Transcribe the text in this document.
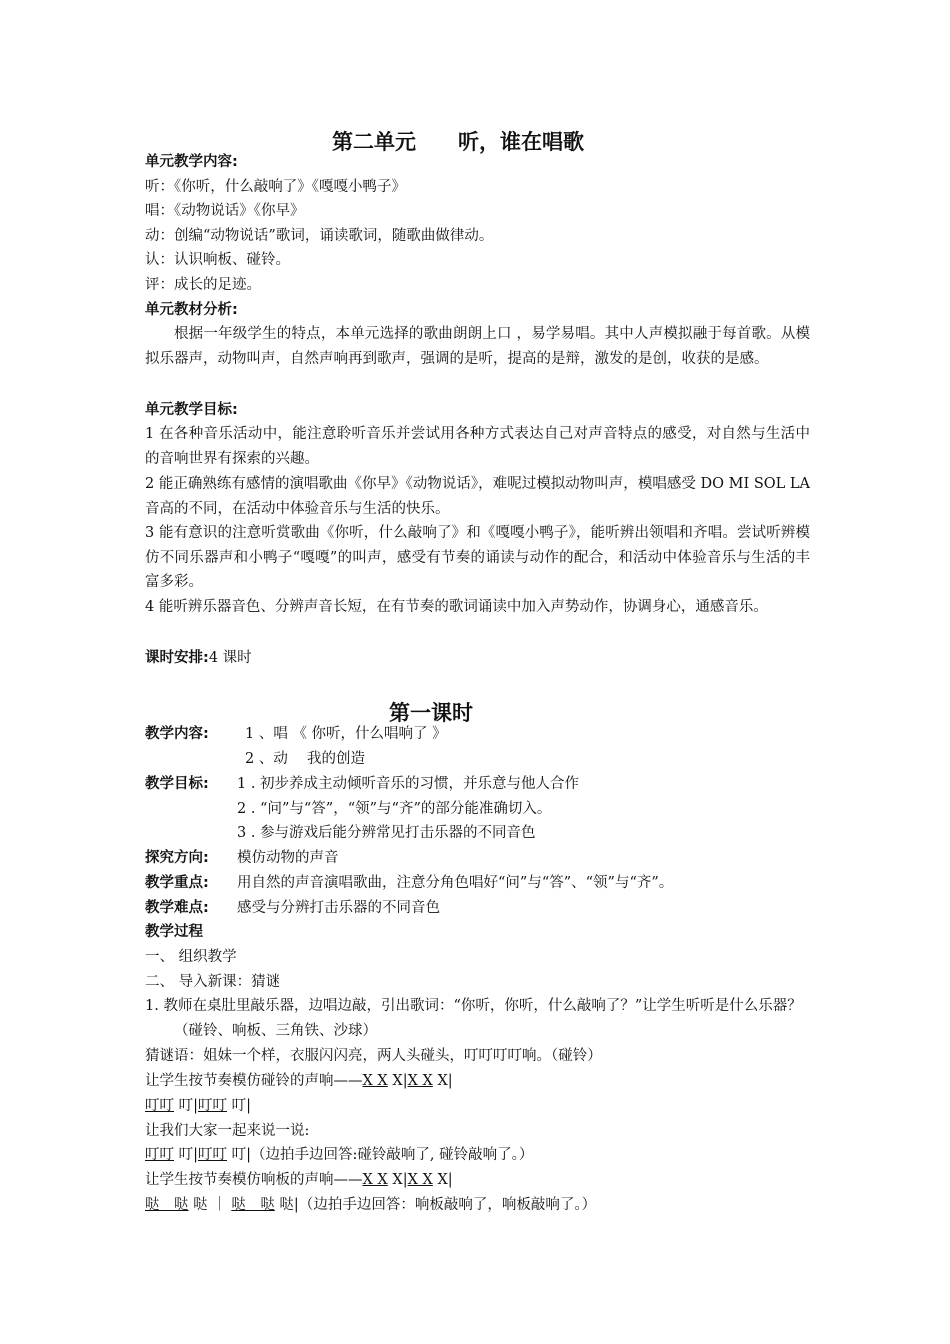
第二单元　　听，谁在唱歌
单元教学内容:
听：《你听，什么敲响了》《嘎嘎小鸭子》
唱：《动物说话》《你早》
动：创编“动物说话”歌词，诵读歌词，随歌曲做律动。
认：认识响板、碰铃。
评：成长的足迹。
单元教材分析:
根据一年级学生的特点，本单元选择的歌曲朗朗上口 ，易学易唱。其中人声模拟融于每首歌。从模拟乐器声，动物叫声，自然声响再到歌声，强调的是听，提高的是辩，激发的是创，收获的是感。
单元教学目标:
1 在各种音乐活动中，能注意聆听音乐并尝试用各种方式表达自己对声音特点的感受，对自然与生活中的音响世界有探索的兴趣。
2 能正确熟练有感情的演唱歌曲《你早》《动物说话》，难呢过模拟动物叫声，模唱感受 DO MI SOL LA 音高的不同，在活动中体验音乐与生活的快乐。
3 能有意识的注意听赏歌曲《你听，什么敲响了》和《嘎嘎小鸭子》，能听辨出领唱和齐唱。尝试听辨模仿不同乐器声和小鸭子“嘎嘎”的叫声，感受有节奏的诵读与动作的配合，和活动中体验音乐与生活的丰富多彩。
4 能听辨乐器音色、分辨声音长短，在有节奏的歌词诵读中加入声势动作，协调身心，通感音乐。
课时安排:4 课时
第一课时
教学内容: 1 、唱 《 你听，什么唱响了 》
2 、动　 我的创造
教学目标: 1 . 初步养成主动倾听音乐的习惯，并乐意与他人合作
2 . “问”与“答”，“领”与“齐”的部分能准确切入。
3 . 参与游戏后能分辨常见打击乐器的不同音色
探究方向: 模仿动物的声音
教学重点: 用自然的声音演唱歌曲，注意分角色唱好“问”与“答”、“领”与“齐”。
教学难点: 感受与分辨打击乐器的不同音色
教学过程
一、 组织教学
二、 导入新课：猜谜
1. 教师在桌肚里敲乐器，边唱边敲，引出歌词：“你听，你听，什么敲响了？”让学生听听是什么乐器？（碰铃、响板、三角铁、沙球）
猜谜语：姐妹一个样，衣服闪闪亮，两人头碰头，叮叮叮叮响。（碰铃）
让学生按节奏模仿碰铃的声响——X X X|X X X|
叮叮 叮|叮叮 叮|
让我们大家一起来说一说:
叮叮 叮|叮叮 叮|（边拍手边回答:碰铃敲响了, 碰铃敲响了。）
让学生按节奏模仿响板的声响——X X X|X X X|
哒　哒 哒 ｜ 哒　哒 哒|（边拍手边回答：响板敲响了，响板敲响了。）
